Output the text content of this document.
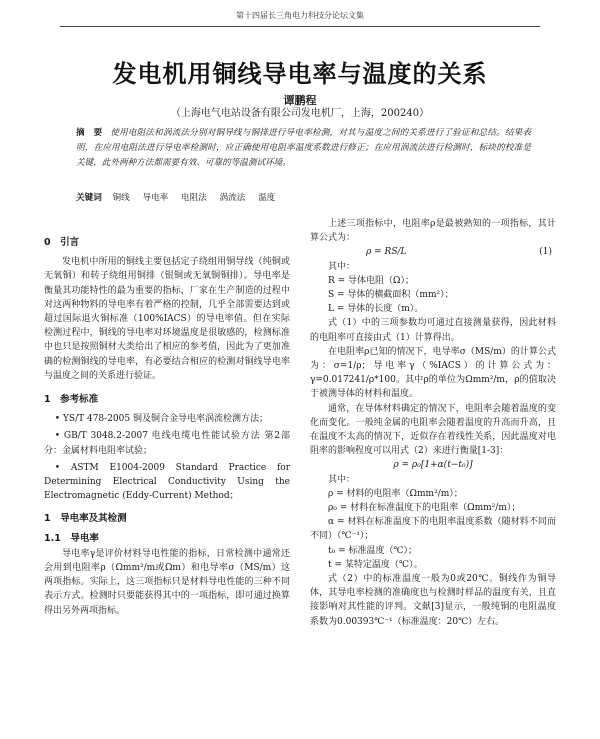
第十四届长三角电力科技分论坛文集
发电机用铜线导电率与温度的关系
谭鹏程
（上海电气电站设备有限公司发电机厂，上海，200240）
摘　要 使用电阻法和涡流法分别对铜导线与铜排进行导电率检测，对其与温度之间的关系进行了验证和总结。结果表明，在应用电阻法进行导电率检测时，应正确使用电阻率温度系数进行修正；在应用涡流法进行检测时，标块的校准是关键，此外两种方法都需要有效、可靠的等温测试环境。
关键词 铜线 导电率 电阻法 涡流法 温度
0　引言

发电机中所用的铜线主要包括定子绕组用铜导线（纯铜或无氧铜）和转子绕组用铜排（银铜或无氧铜铜排）。导电率是衡量其功能特性的最为重要的指标，厂家在生产制造的过程中对这两种物料的导电率有着严格的控制，几乎全部需要达到或超过国际退火铜标准（100%IACS）的导电率值。但在实际检测过程中，铜线的导电率对环境温度是很敏感的，检测标准中也只是按照铜材大类给出了相应的参考值，因此为了更加准确的检测铜线的导电率，有必要结合相应的检测对铜线导电率与温度之间的关系进行验证。

1　参考标准

• YS/T 478-2005 铜及铜合金导电率涡流检测方法；

• GB/T 3048.2-2007 电线电缆电性能试验方法 第2部分：金属材料电阻率试验；

• ASTM E1004-2009 Standard Practice for Determining Electrical Conductivity Using the Electromagnetic (Eddy-Current) Method；

1　导电率及其检测
1.1　导电率

导电率γ是评价材料导电性能的指标，日常检测中通常还会用到电阻率ρ（Ωmm²/m或Ωm）和电导率σ（MS/m）这两项指标。实际上，这三项指标只是材料导电性能的三种不同表示方式。检测时只要能获得其中的一项指标，即可通过换算得出另外两项指标。

上述三项指标中，电阻率ρ是最被熟知的一项指标，其计算公式为：

ρ = RS/L	(1)

其中：

R = 导体电阻（Ω）；

S = 导体的横截面积（mm²）；

L = 导体的长度（m）。

式（1）中的三项参数均可通过直接测量获得，因此材料的电阻率可直接由式（1）计算得出。

在电阻率ρ已知的情况下，电导率σ（MS/m）的计算公式为：σ=1/ρ；导电率γ（%IACS）的计算公式为：γ=0.017241/ρ*100。其中ρ的单位为Ωmm²/m，ρ的值取决于被测导体的材料和温度。

通常，在导体材料确定的情况下，电阻率会随着温度的变化而变化。一般纯金属的电阻率会随着温度的升高而升高，且在温度不太高的情况下，近似存在着线性关系，因此温度对电阻率的影响程度可以用式（2）来进行衡量[1-3]：

ρ = ρ₀[1+α(t−t₀)]

其中：

ρ = 材料的电阻率（Ωmm²/m）；

ρ₀ = 材料在标准温度下的电阻率（Ωmm²/m）；

α = 材料在标准温度下的电阻率温度系数（随材料不同而不同）（℃⁻¹）；

t₀ = 标准温度（℃）；

t = 某特定温度（℃）。

式（2）中的标准温度一般为0或20℃。铜线作为铜导体，其导电率检测的准确度也与检测时样品的温度有关，且直接影响对其性能的评判。文献[3]显示，一般纯铜的电阻温度系数为0.00393℃⁻¹（标准温度：20℃）左右。
